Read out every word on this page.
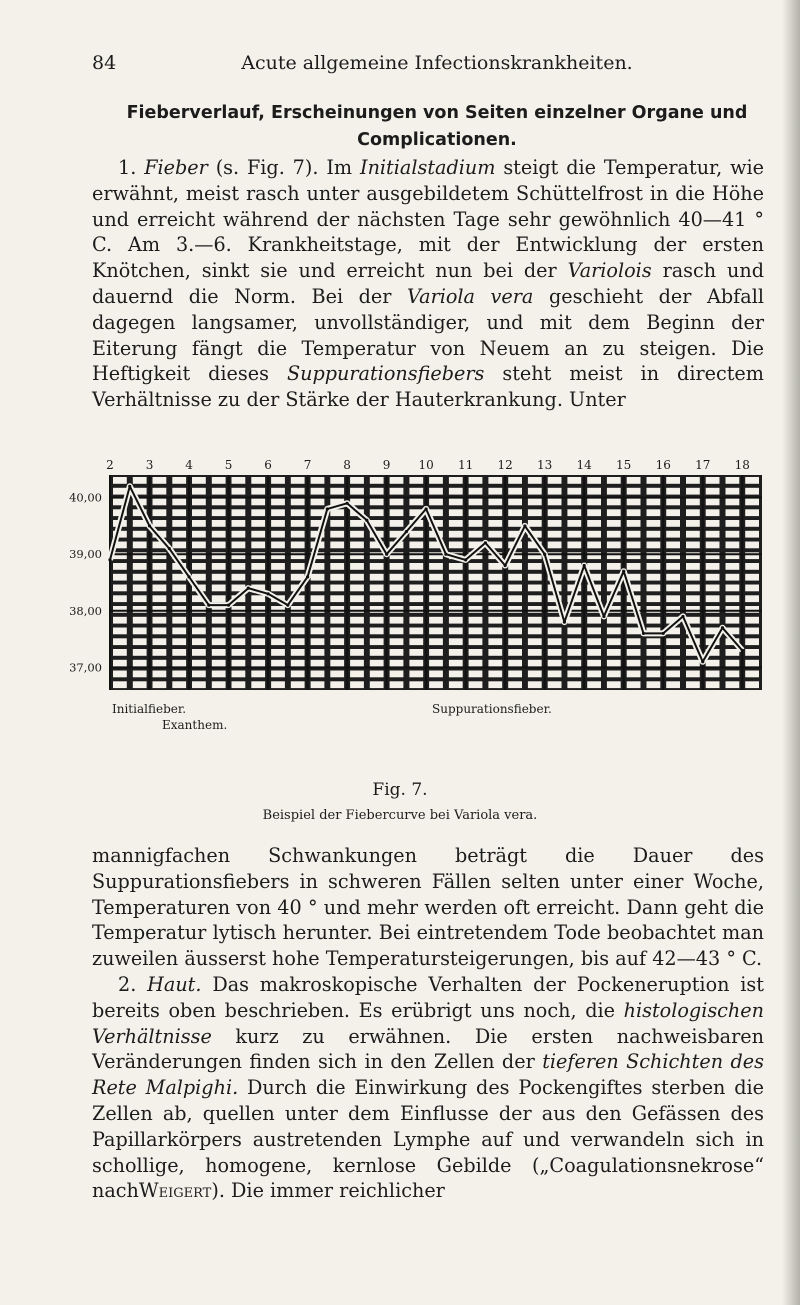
84	Acute allgemeine Infectionskrankheiten.
Fieberverlauf, Erscheinungen von Seiten einzelner Organe und
Complicationen.
1. Fieber (s. Fig. 7). Im Initialstadium steigt die Temperatur, wie erwähnt, meist rasch unter ausgebildetem Schüttelfrost in die Höhe und erreicht während der nächsten Tage sehr gewöhnlich 40—41 ° C. Am 3.—6. Krankheitstage, mit der Entwicklung der ersten Knötchen, sinkt sie und erreicht nun bei der Variolois rasch und dauernd die Norm. Bei der Variola vera geschieht der Abfall dagegen langsamer, unvollständiger, und mit dem Beginn der Eiterung fängt die Temperatur von Neuem an zu steigen. Die Heftigkeit dieses Suppurationsfiebers steht meist in directem Verhältnisse zu der Stärke der Hauterkrankung. Unter
2	3	4	5	6	7	8	9 10 11 12 13 14 15 16 17 18
40,00
39,00
38,00
37,00
Initialfieber.
Exanthem.
Suppurationsfieber.
Fig. 7.
Beispiel der Fiebercurve bei Variola vera.
mannigfachen Schwankungen beträgt die Dauer des Suppurationsfiebers in schweren Fällen selten unter einer Woche, Temperaturen von 40 ° und mehr werden oft erreicht. Dann geht die Temperatur lytisch herunter. Bei eintretendem Tode beobachtet man zuweilen äusserst hohe Temperatursteigerungen, bis auf 42—43 ° C.
2. Haut. Das makroskopische Verhalten der Pockeneruption ist bereits oben beschrieben. Es erübrigt uns noch, die histologischen Verhältnisse kurz zu erwähnen. Die ersten nachweisbaren Veränderungen finden sich in den Zellen der tieferen Schichten des Rete Malpighi. Durch die Einwirkung des Pockengiftes sterben die Zellen ab, quellen unter dem Einflusse der aus den Gefässen des Papillarkörpers austretenden Lymphe auf und verwandeln sich in schollige, homogene, kernlose Gebilde („Coagulationsnekrose“ nachWeigert). Die immer reichlicher
